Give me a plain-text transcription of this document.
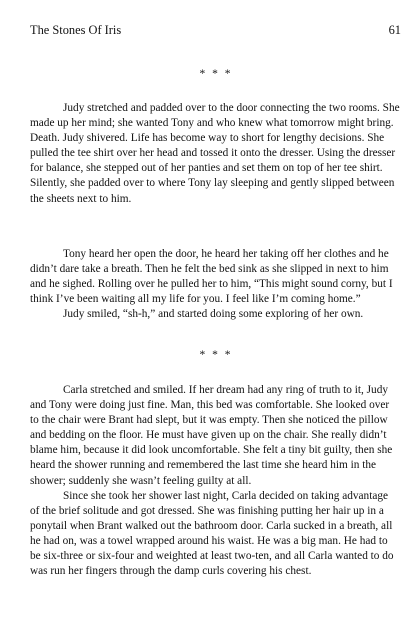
The Stones Of Iris	61
* * *

Judy stretched and padded over to the door connecting the two rooms. She made up her mind; she wanted Tony and who knew what tomorrow might bring. Death. Judy shivered. Life has become way to short for lengthy decisions. She pulled the tee shirt over her head and tossed it onto the dresser. Using the dresser for balance, she stepped out of her panties and set them on top of her tee shirt. Silently, she padded over to where Tony lay sleeping and gently slipped between the sheets next to him.

Tony heard her open the door, he heard her taking off her clothes and he didn’t dare take a breath. Then he felt the bed sink as she slipped in next to him and he sighed. Rolling over he pulled her to him, “This might sound corny, but I think I’ve been waiting all my life for you. I feel like I’m coming home.”

Judy smiled, “sh-h,” and started doing some exploring of her own.

* * *

Carla stretched and smiled. If her dream had any ring of truth to it, Judy and Tony were doing just fine. Man, this bed was comfortable. She looked over to the chair were Brant had slept, but it was empty. Then she noticed the pillow and bedding on the floor. He must have given up on the chair. She really didn’t blame him, because it did look uncomfortable. She felt a tiny bit guilty, then she heard the shower running and remembered the last time she heard him in the shower; suddenly she wasn’t feeling guilty at all.

Since she took her shower last night, Carla decided on taking advantage of the brief solitude and got dressed. She was finishing putting her hair up in a ponytail when Brant walked out the bathroom door. Carla sucked in a breath, all he had on, was a towel wrapped around his waist. He was a big man. He had to be six-three or six-four and weighted at least two-ten, and all Carla wanted to do was run her fingers through the damp curls covering his chest.
